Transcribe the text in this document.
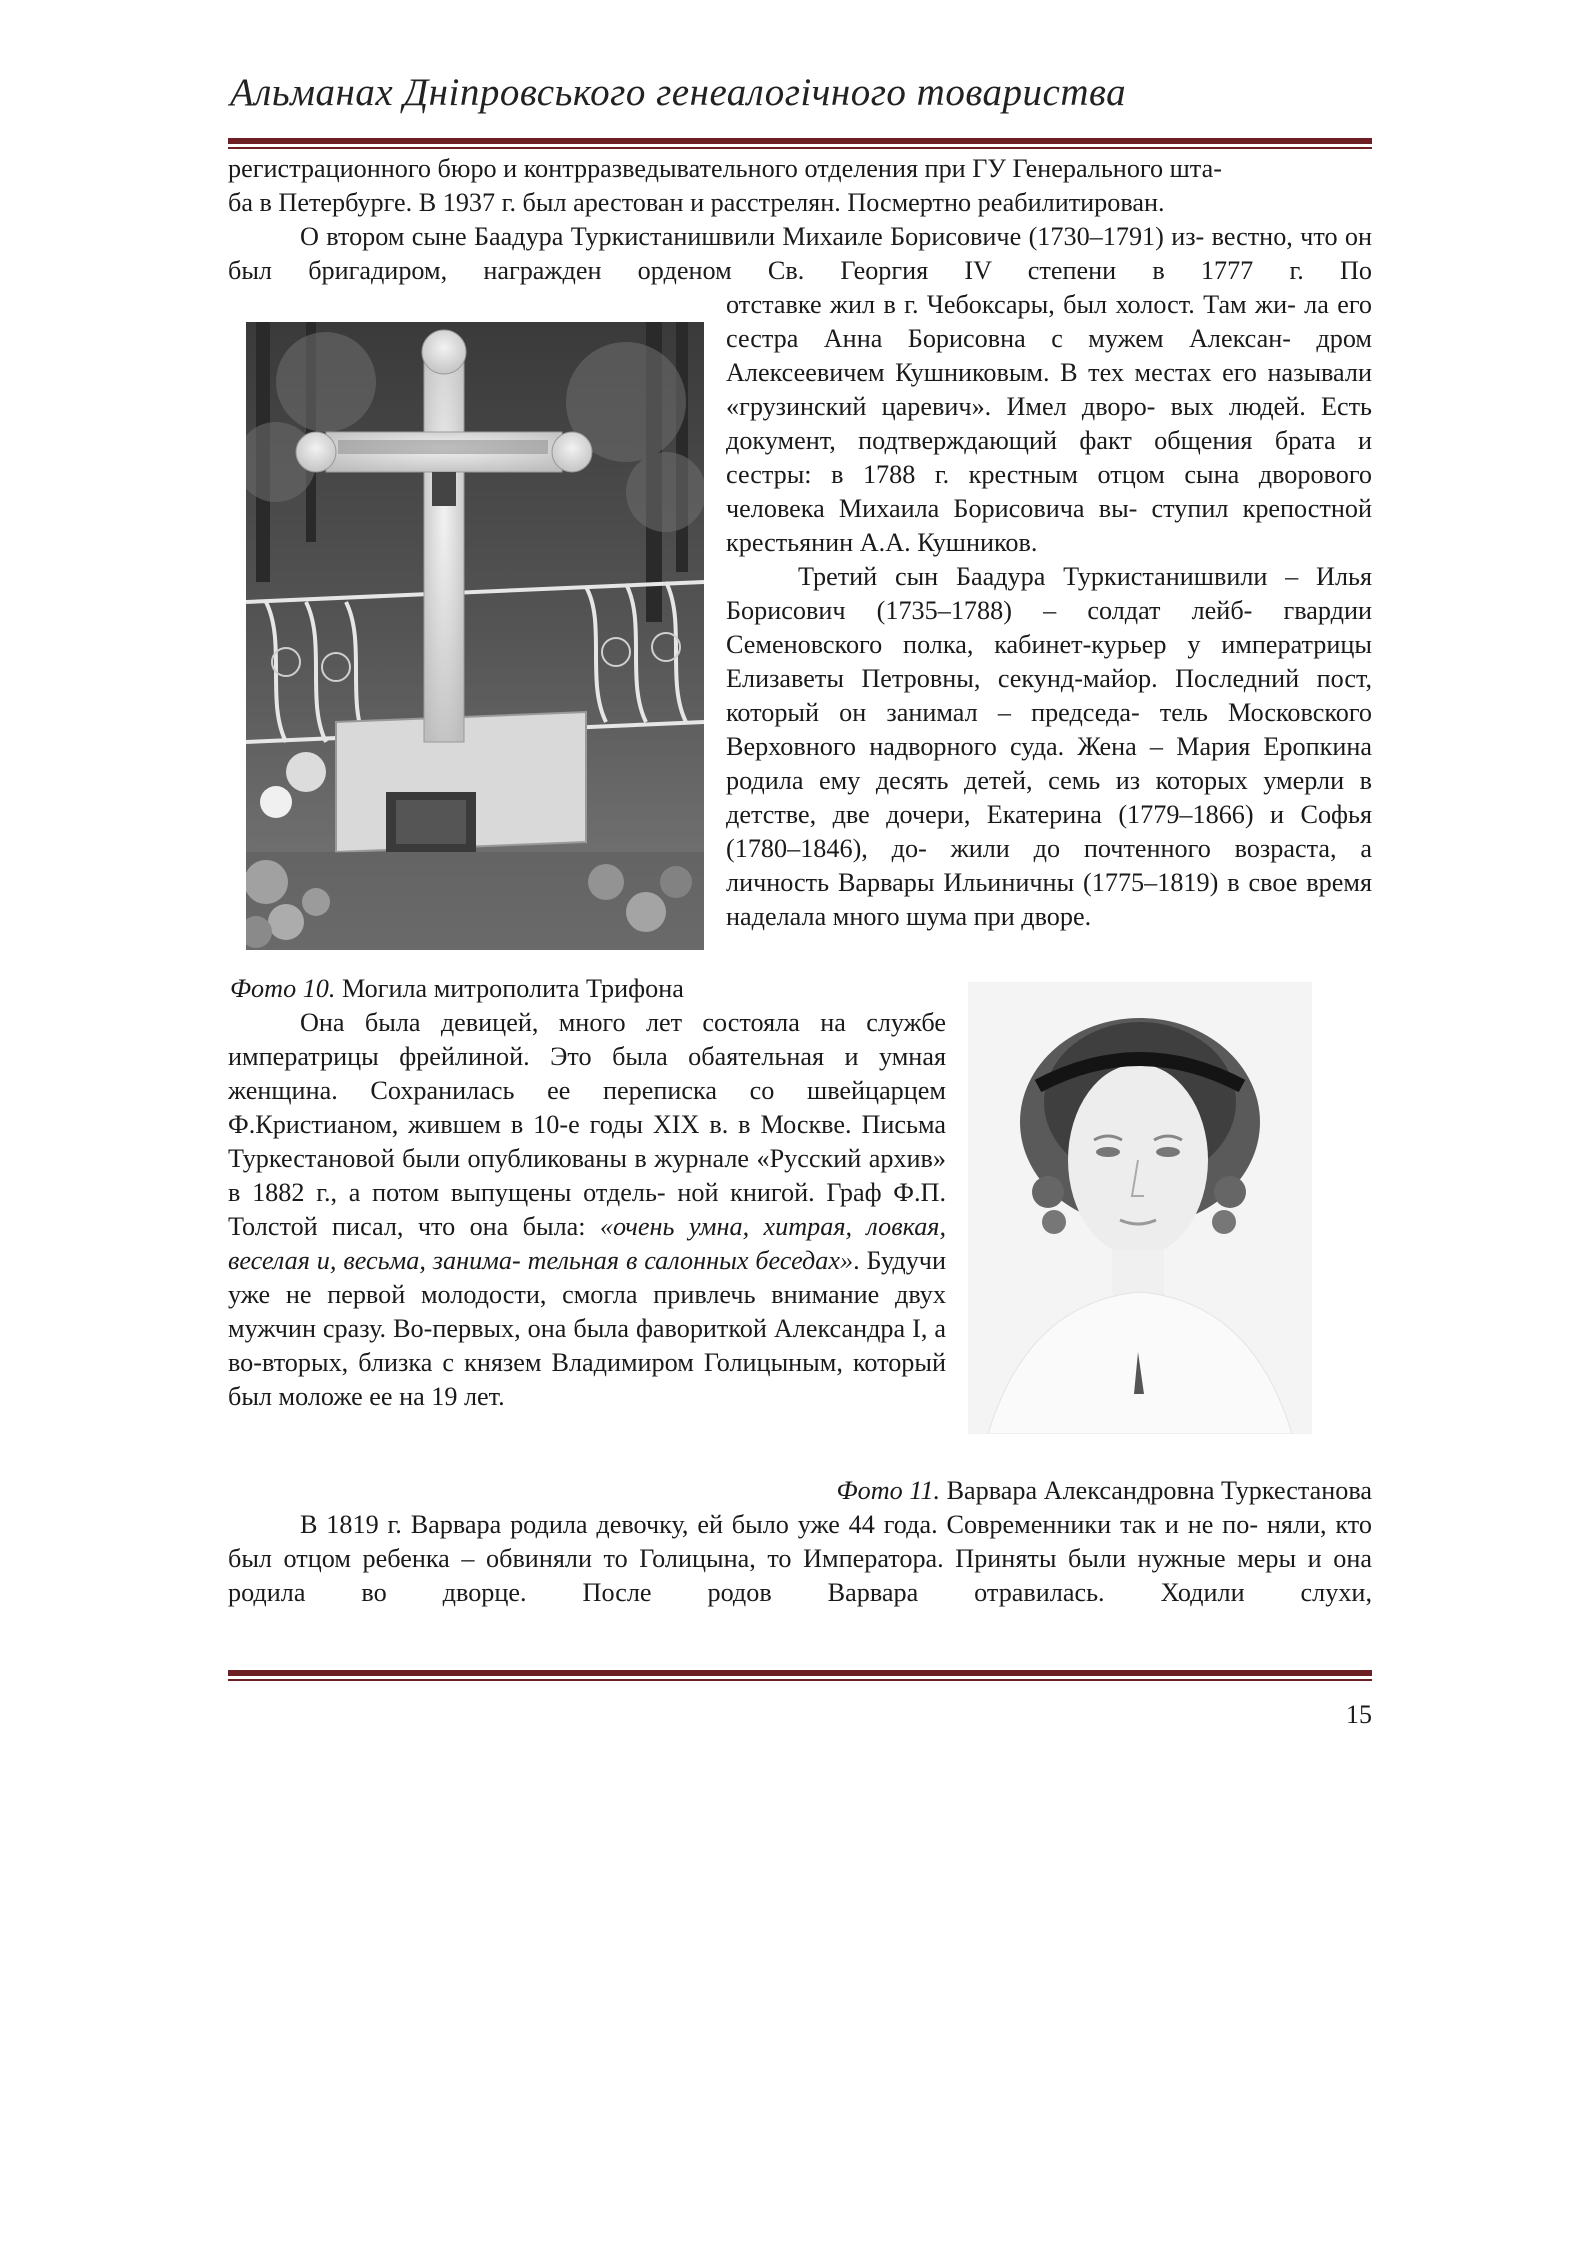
Альманах Дніпровського генеалогічного товариства
регистрационного бюро и контрразведывательного отделения при ГУ Генерального шта-
ба в Петербурге. В 1937 г. был арестован и расстрелян. Посмертно реабилитирован.
О втором сыне Баадура Туркистанишвили Михаиле Борисовиче (1730–1791) из- вестно, что он был бригадиром, награжден орденом Св. Георгия IV степени в 1777 г. По
отставке жил в г. Чебоксары, был холост. Там жи- ла его сестра Анна Борисовна с мужем Алексан- дром Алексеевичем Кушниковым. В тех местах его называли «грузинский царевич». Имел дворо- вых людей. Есть документ, подтверждающий факт общения брата и сестры: в 1788 г. крестным отцом сына дворового человека Михаила Борисовича вы- ступил крепостной крестьянин А.А. Кушников.
Третий сын Баадура Туркистанишвили – Илья Борисович (1735–1788) – солдат лейб- гвардии Семеновского полка, кабинет-курьер у императрицы Елизаветы Петровны, секунд-майор. Последний пост, который он занимал – председа- тель Московского Верховного надворного суда. Жена – Мария Еропкина родила ему десять детей, семь из которых умерли в детстве, две дочери, Екатерина (1779–1866) и Софья (1780–1846), до- жили до почтенного возраста, а личность Варвары Ильиничны (1775–1819) в свое время наделала много шума при дворе.
Фото 10. Могила митрополита Трифона
Она была девицей, много лет состояла на службе императрицы фрейлиной. Это была обаятельная и умная женщина. Сохранилась ее переписка со швейцарцем Ф.Кристианом, жившем в 10-е годы XIX в. в Москве. Письма Туркестановой были опубликованы в журнале «Русский архив» в 1882 г., а потом выпущены отдель- ной книгой. Граф Ф.П. Толстой писал, что она была: «очень умна, хитрая, ловкая, веселая и, весьма, занима- тельная в салонных беседах». Будучи уже не первой молодости, смогла привлечь внимание двух мужчин сразу. Во-первых, она была фавориткой Александра I, а во-вторых, близка с князем Владимиром Голицыным, который был моложе ее на 19 лет.
Фото 11. Варвара Александровна Туркестанова
В 1819 г. Варвара родила девочку, ей было уже 44 года. Современники так и не по- няли, кто был отцом ребенка – обвиняли то Голицына, то Императора. Приняты были нужные меры и она родила во дворце. После родов Варвара отравилась. Ходили слухи,
15
